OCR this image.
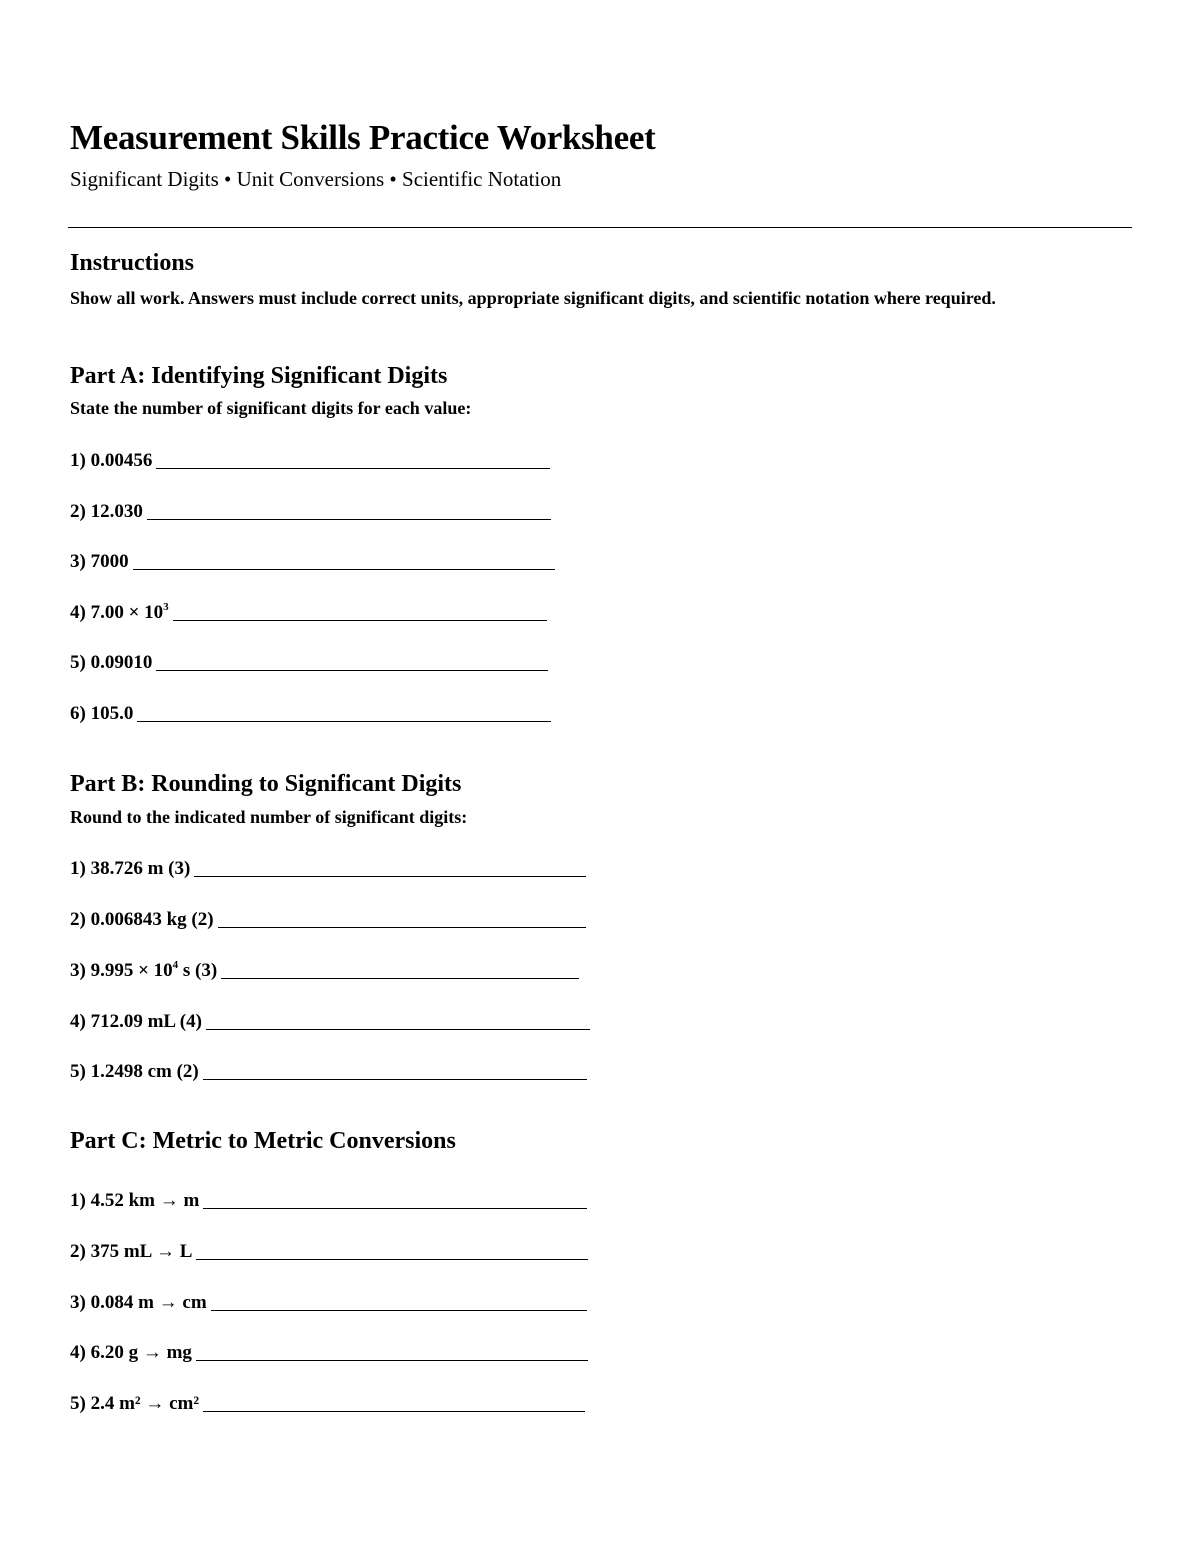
Measurement Skills Practice Worksheet

Significant Digits • Unit Conversions • Scientific Notation

Instructions

Show all work. Answers must include correct units, appropriate significant digits, and scientific notation where required.

Part A: Identifying Significant Digits

State the number of significant digits for each value:

1) 0.00456
2) 12.030
3) 7000
4) $7.00 \times 10^3$
5) 0.09010
6) 105.0
Part B: Rounding to Significant Digits

Round to the indicated number of significant digits:

1) 38.726 m (3)
2) 0.006843 kg (2)
3) $9.995 \times 10^4$ s (3)
4) 712.09 mL (4)
5) 1.2498 cm (2)
Part C: Metric to Metric Conversions
1) 4.52 km → m
2) 375 mL → L
3) 0.084 m → cm
4) 6.20 g → mg
5) 2.4 m² → cm²
